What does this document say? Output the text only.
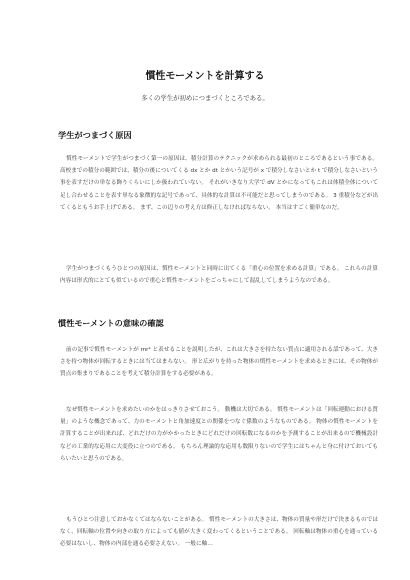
慣性モーメントを計算する
多くの学生が初めにつまづくところである。
学生がつまづく原因
慣性モーメントで学生がつまづく第一の原因は、積分計算のテクニックが求められる最初のところであるという事である。 高校までの積分の範囲では、積分の後についてくる dx とか dt とかいう記号が x で積分しなさいとか t で積分しなさいという事を表すだけの単なる飾りくらいにしか扱われていない。 それがいきなり大学で dV とかになってもこれは体積全体について足し合わせることを表す単なる象徴的な記号であって、具体的な計算は不可能だと思ってしまうのである。 3 重積分などが出てくるともうお手上げである。 まず、この辺りの考え方は修正しなければならない。 本当はすごく簡単なのだ。
学生がつまづくもうひとつの原因は、慣性モーメントと同時に出てくる「重心の位置を求める計算」である。 これらの計算内容は形式的にとても似ているので重心と慣性モーメントをごっちゃにして混乱してしまうようなのである。
慣性モーメントの意味の確認
前の記事で慣性モーメントが mr² と表せることを説明したが、これは大きさを持たない質点に適用される話であって、大きさを持つ物体が回転するときには当てはまらない。 形と広がりを持った物体の慣性モーメントを求めるときには、その物体が質点の集まりであることを考えて積分計算をする必要がある。
なぜ慣性モーメントを求めたいのかをはっきりさせておこう。 動機は大切である。 慣性モーメントは「回転運動における質量」のような概念であって、力のモーメントと角加速度との関係をつなぐ係数のようなものである。 物体の慣性モーメントを計算することが出来れば、どれだけの力がかかったときにどれだけの回転数になるのかを予測することが出来るので機械設計などの工業的な応用に大変役に立つのである。 もちろん理論的な応用も数限りないので学生にはちゃんと身に付けておいてもらいたいと思うのである。
もうひとつ注意しておかなくてはならないことがある。 慣性モーメントの大きさは、物体の質量や形だけで決まるものではなく、回転軸の位置や向きの取り方によっても値が大きく変わってくるということである。 回転軸は物体の重心を通っている必要はないし、物体の内部を通る必要さえない。 一般に軸…
